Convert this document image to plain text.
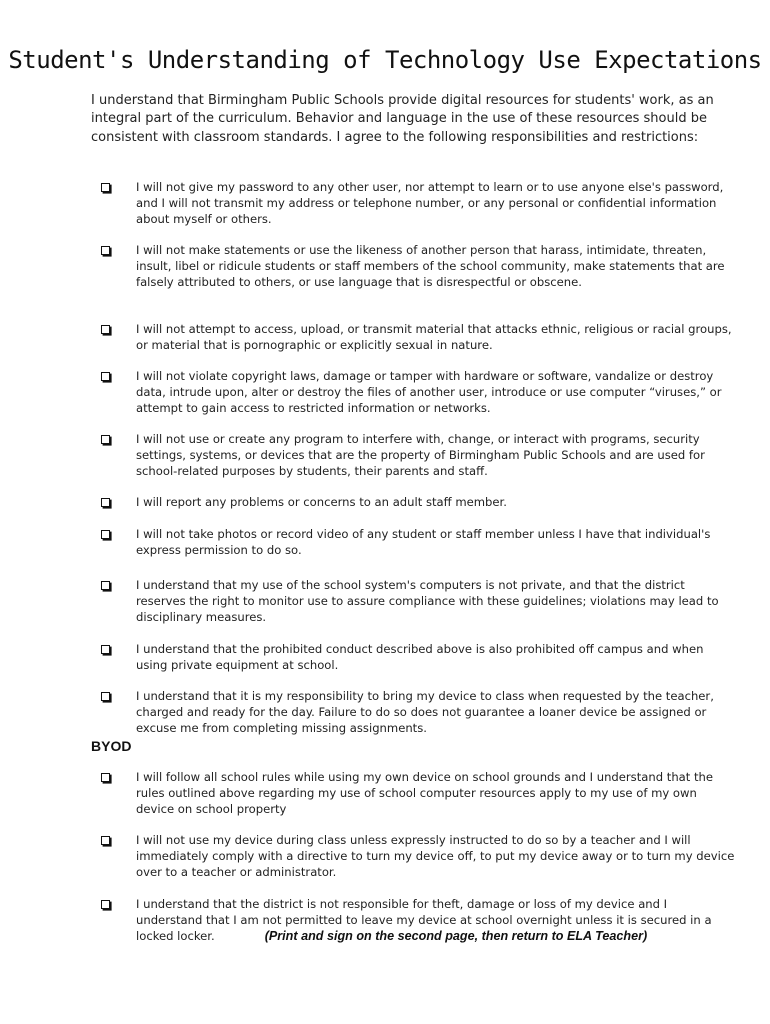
Student's Understanding of Technology Use Expectations
I understand that Birmingham Public Schools provide digital resources for students' work, as an integral part of the curriculum. Behavior and language in the use of these resources should be consistent with classroom standards. I agree to the following responsibilities and restrictions:
I will not give my password to any other user, nor attempt to learn or to use anyone else's password, and I will not transmit my address or telephone number, or any personal or confidential information about myself or others.
I will not make statements or use the likeness of another person that harass, intimidate, threaten, insult, libel or ridicule students or staff members of the school community, make statements that are falsely attributed to others, or use language that is disrespectful or obscene.
I will not attempt to access, upload, or transmit material that attacks ethnic, religious or racial groups, or material that is pornographic or explicitly sexual in nature.
I will not violate copyright laws, damage or tamper with hardware or software, vandalize or destroy data, intrude upon, alter or destroy the files of another user, introduce or use computer “viruses,” or attempt to gain access to restricted information or networks.
I will not use or create any program to interfere with, change, or interact with programs, security settings, systems, or devices that are the property of Birmingham Public Schools and are used for school-related purposes by students, their parents and staff.
I will report any problems or concerns to an adult staff member.
I will not take photos or record video of any student or staff member unless I have that individual's express permission to do so.
I understand that my use of the school system's computers is not private, and that the district reserves the right to monitor use to assure compliance with these guidelines; violations may lead to disciplinary measures.
I understand that the prohibited conduct described above is also prohibited off campus and when using private equipment at school.
I understand that it is my responsibility to bring my device to class when requested by the teacher, charged and ready for the day. Failure to do so does not guarantee a loaner device be assigned or excuse me from completing missing assignments.
BYOD
I will follow all school rules while using my own device on school grounds and I understand that the rules outlined above regarding my use of school computer resources apply to my use of my own device on school property
I will not use my device during class unless expressly instructed to do so by a teacher and I will immediately comply with a directive to turn my device off, to put my device away or to turn my device over to a teacher or administrator.
I understand that the district is not responsible for theft, damage or loss of my device and I understand that I am not permitted to leave my device at school overnight unless it is secured in a locked locker.	(Print and sign on the second page, then return to ELA Teacher)
